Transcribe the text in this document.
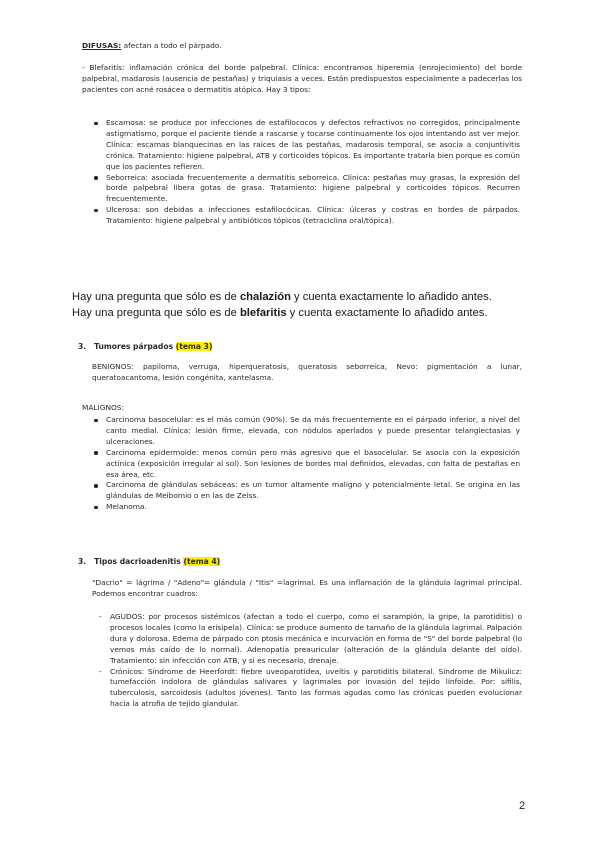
DIFUSAS: afectan a todo el párpado.
- Blefaritis: inflamación crónica del borde palpebral. Clínica: encontramos hiperemia (enrojecimiento) del borde palpebral, madarosis (ausencia de pestañas) y triquiasis a veces. Están predispuestos especialmente a padecerlas los pacientes con acné rosácea o dermatitis atópica. Hay 3 tipos:
Escamosa: se produce por infecciones de estafilococos y defectos refractivos no corregidos, principalmente astigmatismo, porque el paciente tiende a rascarse y tocarse continuamente los ojos intentando ast ver mejor. Clínica: escamas blanquecinas en las raíces de las pestañas, madarosis temporal, se asocia a conjuntivitis crónica. Tratamiento: higiene palpebral, ATB y corticoides tópicos. Es importante tratarla bien porque es común que los pacientes refieren.
Seborreica: asociada frecuentemente a dermatitis seborreica. Clínica: pestañas muy grasas, la expresión del borde palpebral libera gotas de grasa. Tratamiento: higiene palpebral y corticoides tópicos. Recurren frecuentemente.
Ulcerosa: son debidas a infecciones estafilocócicas. Clínica: úlceras y costras en bordes de párpados. Tratamiento: higiene palpebral y antibióticos tópicos (tetraciclina oral/tópica).
Hay una pregunta que sólo es de chalazión y cuenta exactamente lo añadido antes.
Hay una pregunta que sólo es de blefaritis y cuenta exactamente lo añadido antes.
3. Tumores párpados (tema 3)
BENIGNOS: papiloma, verruga, hiperqueratosis, queratosis seborreica, Nevo: pigmentación a lunar, queratoacantoma, lesión congénita, xantelasma.
MALIGNOS:
Carcinoma basocelular: es el más común (90%). Se da más frecuentemente en el párpado inferior, a nivel del canto medial. Clínica: lesión firme, elevada, con nódulos aperlados y puede presentar telangiectasias y ulceraciones.
Carcinoma epidermoide: menos común pero más agresivo que el basocelular. Se asocia con la exposición actínica (exposición irregular al sol). Son lesiones de bordes mal definidos, elevadas, con falta de pestañas en esa área, etc.
Carcinoma de glándulas sebáceas: es un tumor altamente maligno y potencialmente letal. Se origina en las glándulas de Meibomio o en las de Zeiss.
Melanoma.
3. Tipos dacrioadenitis (tema 4)
"Dacrio" = lágrima / "Adeno"= glándula / "Itis" =lagrimal. Es una inflamación de la glándula lagrimal principal. Podemos encontrar cuadros:
- AGUDOS: por procesos sistémicos (afectan a todo el cuerpo, como el sarampión, la gripe, la parotiditis) o procesos locales (como la erisipela). Clínica: se produce aumento de tamaño de la glándula lagrimal. Palpación dura y dolorosa. Edema de párpado con ptosis mecánica e incurvación en forma de "S" del borde palpebral (lo vemos más caído de lo normal). Adenopatía preauricular (alteración de la glándula delante del oído). Tratamiento: sin infección con ATB, y si es necesario, drenaje.
- Crónicos: Síndrome de Heerfordt: fiebre uveoparotídea, uveítis y parotiditis bilateral. Síndrome de Mikulicz: tumefacción indolora de glándulas salivares y lagrimales por invasión del tejido linfoide. Por: sífilis, tuberculosis, sarcoidosis (adultos jóvenes). Tanto las formas agudas como las crónicas pueden evolucionar hacia la atrofia de tejido glandular.
2
